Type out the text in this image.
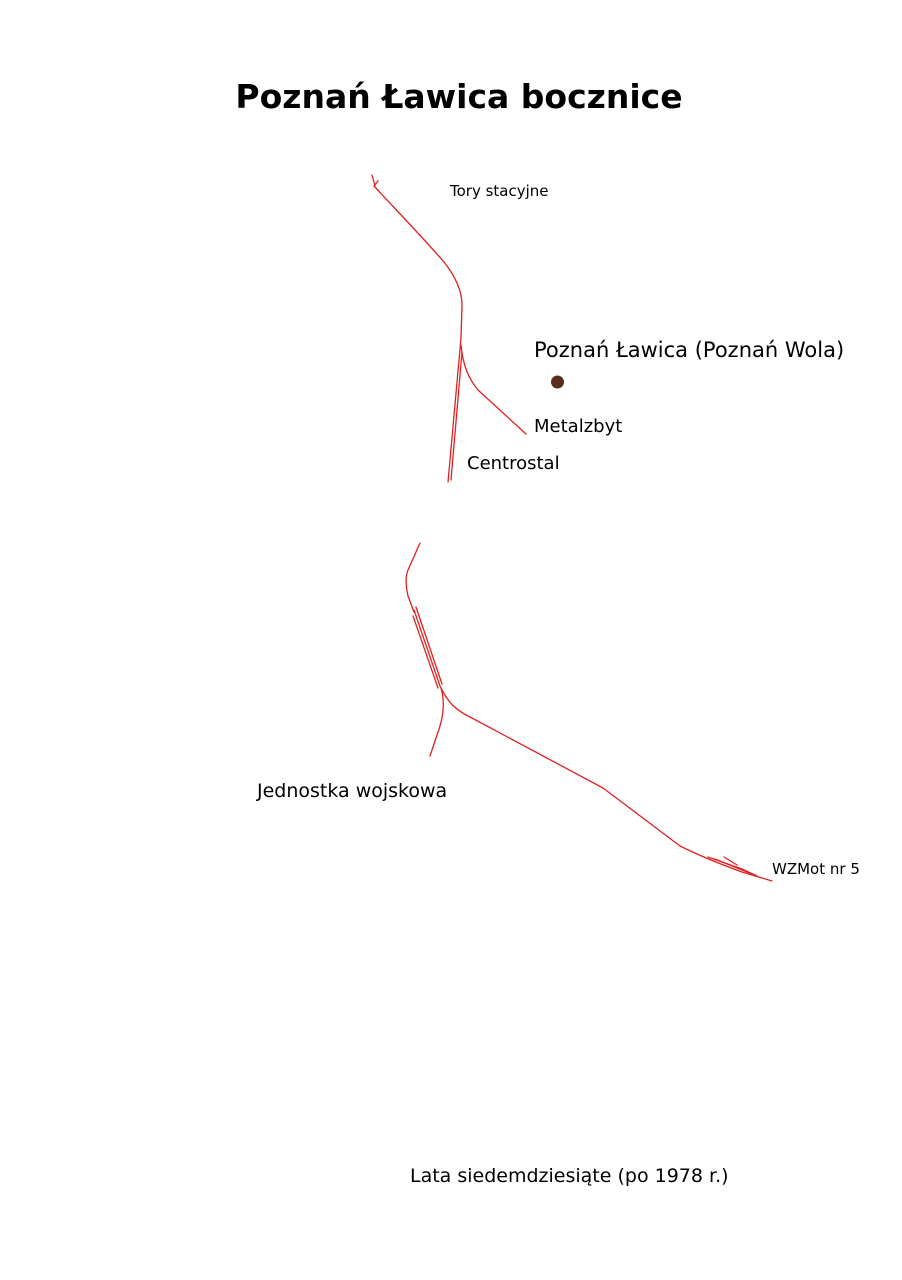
Poznań Ławica bocznice
Tory stacyjne
Poznań Ławica (Poznań Wola)
Metalzbyt
Centrostal
Jednostka wojskowa
WZMot nr 5
Lata siedemdziesiąte (po 1978 r.)
